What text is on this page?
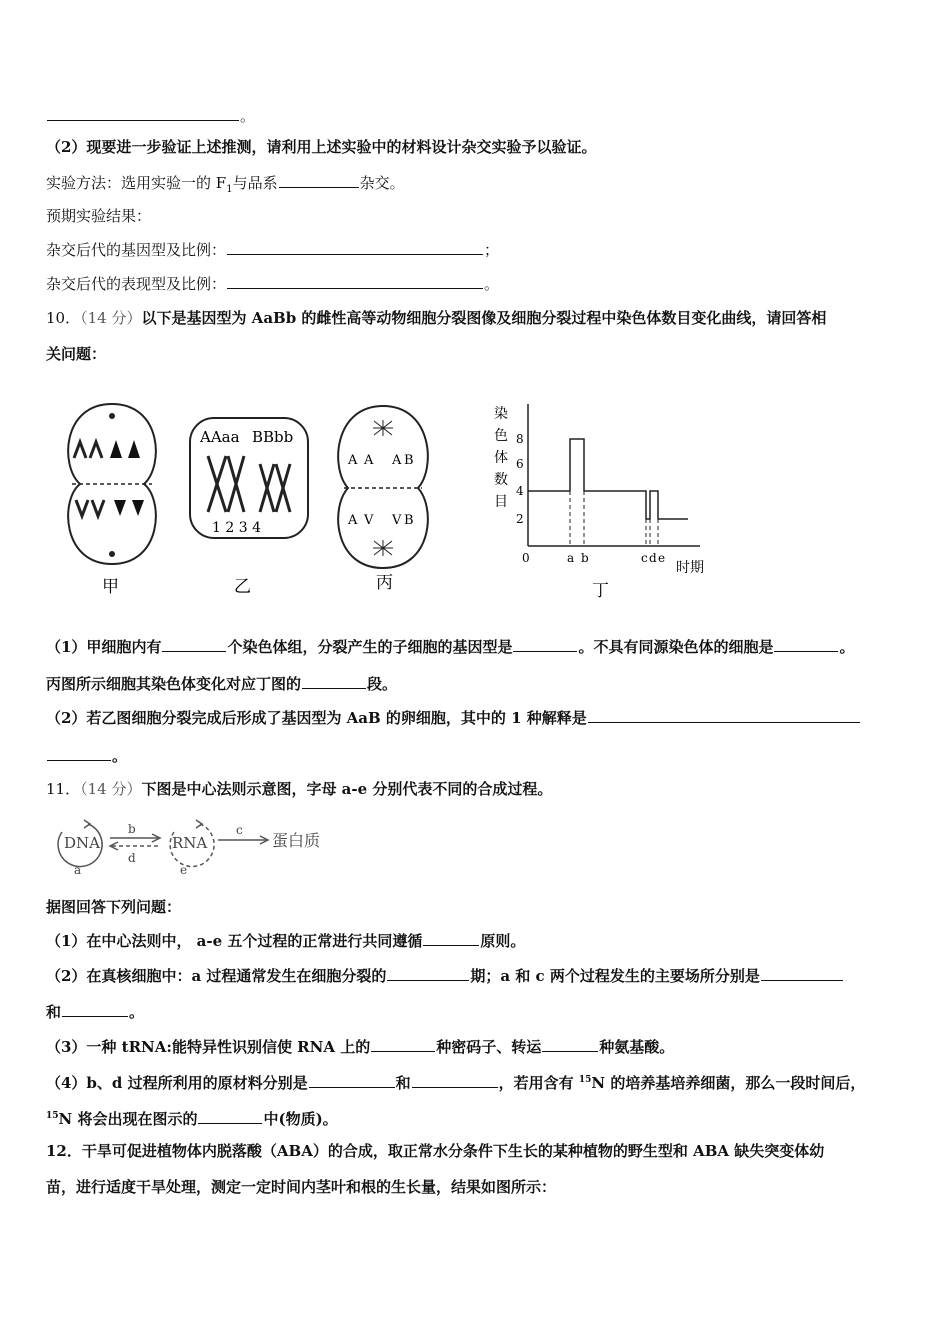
。
（2）现要进一步验证上述推测，请利用上述实验中的材料设计杂交实验予以验证。
实验方法：选用实验一的 $F_1$与品系	杂交。
预期实验结果：
杂交后代的基因型及比例：	；
杂交后代的表现型及比例：	。
10．（14 分）以下是基因型为 AaBb 的雌性高等动物细胞分裂图像及细胞分裂过程中染色体数目变化曲线，请回答相
关问题：
甲
AAaa BBbb
1 2 3 4
乙
A A A B
A V V B
丙
染
色
体
数
目
8
6
4
2
0	a b	c d e
时期
丁
（1）甲细胞内有	个染色体组，分裂产生的子细胞的基因型是	。不具有同源染色体的细胞是	。
丙图所示细胞其染色体变化对应丁图的	段。
（2）若乙图细胞分裂完成后形成了基因型为 AaB 的卵细胞，其中的 1 种解释是
。
11．（14 分）下图是中心法则示意图，字母 a-e 分别代表不同的合成过程。
DNA
a
b
d
RNA
e
c
蛋白质
据图回答下列问题：
（1）在中心法则中， a-e 五个过程的正常进行共同遵循	原则。
（2）在真核细胞中：a 过程通常发生在细胞分裂的	期；a 和 c 两个过程发生的主要场所分别是
和	。
（3）一种 tRNA:能特异性识别信使 RNA 上的	种密码子、转运	种氨基酸。
（4）b、d 过程所利用的原材料分别是	和	，若用含有 $^{15}$N 的培养基培养细菌，那么一段时间后，
$^{15}$N 将会出现在图示的	中(物质)。
12．干旱可促进植物体内脱落酸（ABA）的合成，取正常水分条件下生长的某种植物的野生型和 ABA 缺失突变体幼
苗，进行适度干旱处理，测定一定时间内茎叶和根的生长量，结果如图所示：
